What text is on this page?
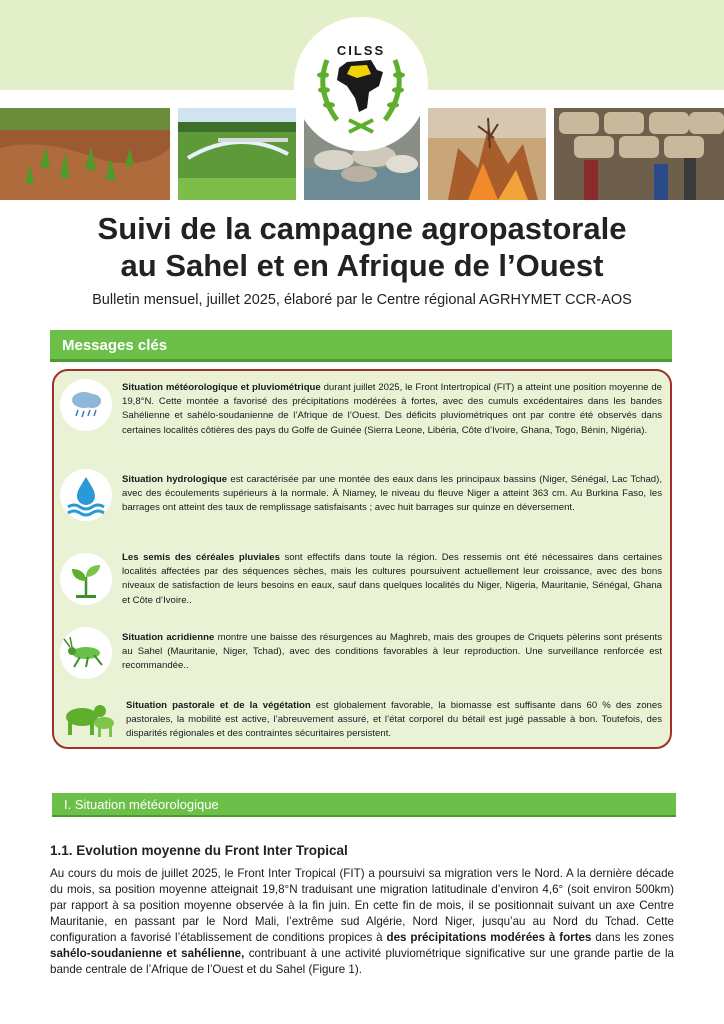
CILSS
Suivi de la campagne agropastorale
au Sahel et en Afrique de l’Ouest
Bulletin mensuel, juillet 2025, élaboré par le Centre régional AGRHYMET CCR-AOS
Messages clés
Situation météorologique et pluviométrique durant juillet 2025, le Front Intertropical (FIT) a atteint une position moyenne de 19,8°N. Cette montée a favorisé des précipitations modérées à fortes, avec des cumuls excédentaires dans les bandes Sahélienne et sahélo-soudanienne de l’Afrique de l’Ouest. Des déficits pluviométriques ont par contre été observés dans certaines localités côtières des pays du Golfe de Guinée (Sierra Leone, Libéria, Côte d’Ivoire, Ghana, Togo, Bénin, Nigéria).
Situation hydrologique est caractérisée par une montée des eaux dans les principaux bassins (Niger, Sénégal, Lac Tchad), avec des écoulements supérieurs à la normale. À Niamey, le niveau du fleuve Niger a atteint 363 cm. Au Burkina Faso, les barrages ont atteint des taux de remplissage satisfaisants ; avec huit barrages sur quinze en déversement.
Les semis des céréales pluviales sont effectifs dans toute la région. Des ressemis ont été nécessaires dans certaines localités affectées par des séquences sèches, mais les cultures poursuivent actuellement leur croissance, avec des bons niveaux de satisfaction de leurs besoins en eaux, sauf dans quelques localités du Niger, Nigeria, Mauritanie, Sénégal, Ghana et Côte d’Ivoire..
Situation acridienne montre une baisse des résurgences au Maghreb, mais des groupes de Criquets pèlerins sont présents au Sahel (Mauritanie, Niger, Tchad), avec des conditions favorables à leur reproduction. Une surveillance renforcée est recommandée..
Situation pastorale et de la végétation est globalement favorable, la biomasse est suffisante dans 60 % des zones pastorales, la mobilité est active, l’abreuvement assuré, et l’état corporel du bétail est jugé passable à bon. Toutefois, des disparités régionales et des contraintes sécuritaires persistent.
I. Situation météorologique
1.1. Evolution moyenne du Front Inter Tropical
Au cours du mois de juillet 2025, le Front Inter Tropical (FIT) a poursuivi sa migration vers le Nord. A la dernière décade du mois, sa position moyenne atteignait 19,8°N traduisant une migration latitudinale d’environ 4,6° (soit environ 500km) par rapport à sa position moyenne observée à la fin juin. En cette fin de mois, il se positionnait suivant un axe Centre Mauritanie, en passant par le Nord Mali, l’extrême sud Algérie, Nord Niger, jusqu’au au Nord du Tchad. Cette configuration a favorisé l’établissement de conditions propices à des précipitations modérées à fortes dans les zones sahélo-soudanienne et sahélienne, contribuant à une activité pluviométrique significative sur une grande partie de la bande centrale de l’Afrique de l’Ouest et du Sahel (Figure 1).
